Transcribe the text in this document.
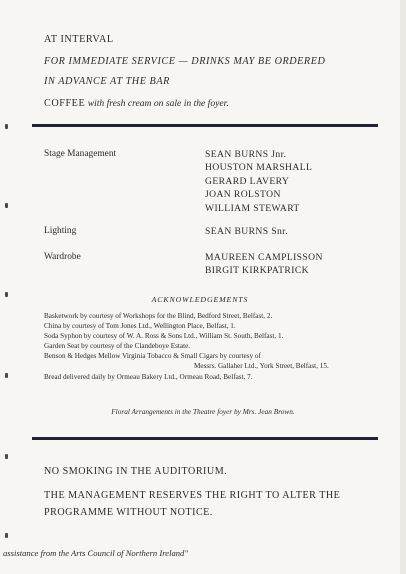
AT INTERVAL
FOR IMMEDIATE SERVICE — DRINKS MAY BE ORDERED
IN ADVANCE AT THE BAR
COFFEE with fresh cream on sale in the foyer.
Stage Management	SEAN BURNS Jnr.
HOUSTON MARSHALL
GERARD LAVERY
JOAN ROLSTON
WILLIAM STEWART
Lighting	SEAN BURNS Snr.
Wardrobe	MAUREEN CAMPLISSON
BIRGIT KIRKPATRICK
ACKNOWLEDGEMENTS
Basketwork by courtesy of Workshops for the Blind, Bedford Street, Belfast, 2.
China by courtesy of Tom Jones Ltd., Wellington Place, Belfast, 1.
Soda Syphon by courtesy of W. A. Ross & Sons Ltd., William St. South, Belfast, 1.
Garden Seat by courtesy of the Clandeboye Estate.
Benson & Hedges Mellow Virginia Tobacco & Small Cigars by courtesy of
Messrs. Gallaher Ltd., York Street, Belfast, 15.
Bread delivered daily by Ormeau Bakery Ltd., Ormeau Road, Belfast, 7.
Floral Arrangements in the Theatre foyer by Mrs. Jean Brown.
NO SMOKING IN THE AUDITORIUM.
THE MANAGEMENT RESERVES THE RIGHT TO ALTER THE
PROGRAMME WITHOUT NOTICE.
assistance from the Arts Council of Northern Ireland"
